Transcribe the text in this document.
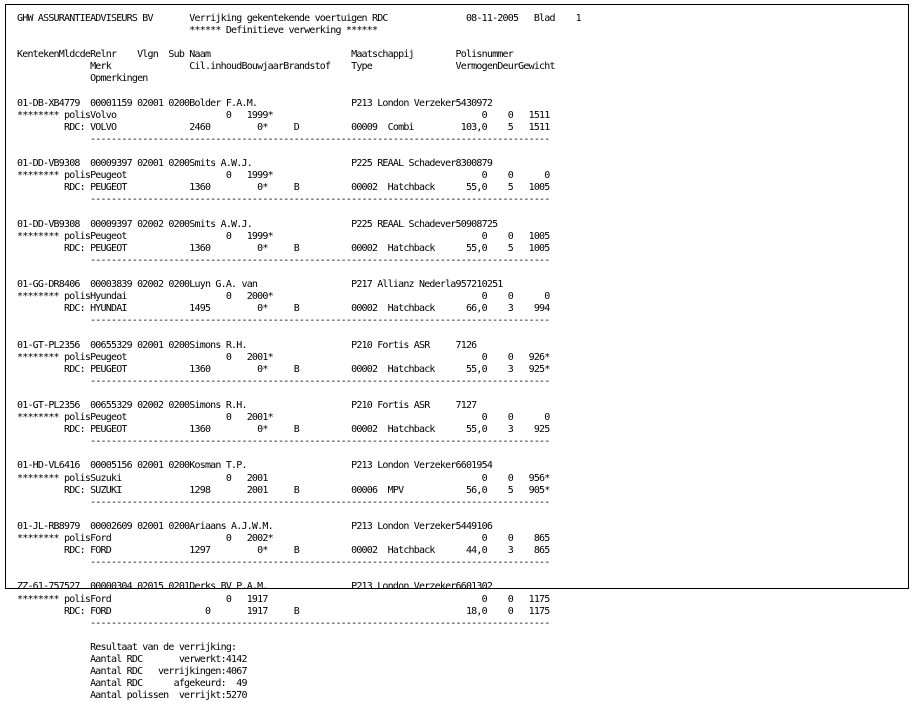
GHW ASSURANTIEADVISEURS BV       Verrijking gekentekende voertuigen RDC               08-11-2005   Blad    1
****** Definitieve verwerking ******
KentekenMldcdeRelnr    Vlgn  Sub Naam                           Maatschappij        Polisnummer
Merk               Cil.inhoudBouwjaarBrandstof    Type                VermogenDeurGewicht
Opmerkingen
01-DB-XB4779  00001159 02001 0200Bolder F.A.M.                  P213 London Verzeker5430972
******** polisVolvo                     0   1999*                                        0    0   1511
RDC: VOLVO              2460         0*     D          00009  Combi         103,0    5   1511
----------------------------------------------------------------------------------------
01-DD-VB9308  00009397 02001 0200Smits A.W.J.                   P225 REAAL Schadever8300879
******** polisPeugeot                   0   1999*                                        0    0      0
RDC: PEUGEOT            1360         0*     B          00002  Hatchback      55,0    5   1005
----------------------------------------------------------------------------------------
01-DD-VB9308  00009397 02002 0200Smits A.W.J.                   P225 REAAL Schadever50908725
******** polisPeugeot                   0   1999*                                        0    0   1005
RDC: PEUGEOT            1360         0*     B          00002  Hatchback      55,0    5   1005
----------------------------------------------------------------------------------------
01-GG-DR8406  00003839 02002 0200Luyn G.A. van                  P217 Allianz Nederla957210251
******** polisHyundai                   0   2000*                                        0    0      0
RDC: HYUNDAI            1495         0*     B          00002  Hatchback      66,0    3    994
----------------------------------------------------------------------------------------
01-GT-PL2356  00655329 02001 0200Simons R.H.                    P210 Fortis ASR     7126
******** polisPeugeot                   0   2001*                                        0    0   926*
RDC: PEUGEOT            1360         0*     B          00002  Hatchback      55,0    3   925*
----------------------------------------------------------------------------------------
01-GT-PL2356  00655329 02002 0200Simons R.H.                    P210 Fortis ASR     7127
******** polisPeugeot                   0   2001*                                        0    0      0
RDC: PEUGEOT            1360         0*     B          00002  Hatchback      55,0    3    925
----------------------------------------------------------------------------------------
01-HD-VL6416  00005156 02001 0200Kosman T.P.                    P213 London Verzeker6601954
******** polisSuzuki                    0   2001                                         0    0   956*
RDC: SUZUKI             1298       2001     B          00006  MPV            56,0    5   905*
----------------------------------------------------------------------------------------
01-JL-RB8979  00002609 02001 0200Ariaans A.J.W.M.               P213 London Verzeker5449106
******** polisFord                      0   2002*                                        0    0    865
RDC: FORD               1297         0*     B          00002  Hatchback      44,0    3    865
----------------------------------------------------------------------------------------
ZZ-61-757527  00000304 02015 0201Derks BV P.A.M.                P213 London Verzeker6601302
******** polisFord                      0   1917                                         0    0   1175
RDC: FORD                  0       1917     B                                18,0    0   1175
----------------------------------------------------------------------------------------
Resultaat van de verrijking:
Aantal RDC       verwerkt:4142
Aantal RDC   verrijkingen:4067
Aantal RDC      afgekeurd:  49
Aantal polissen  verrijkt:5270
